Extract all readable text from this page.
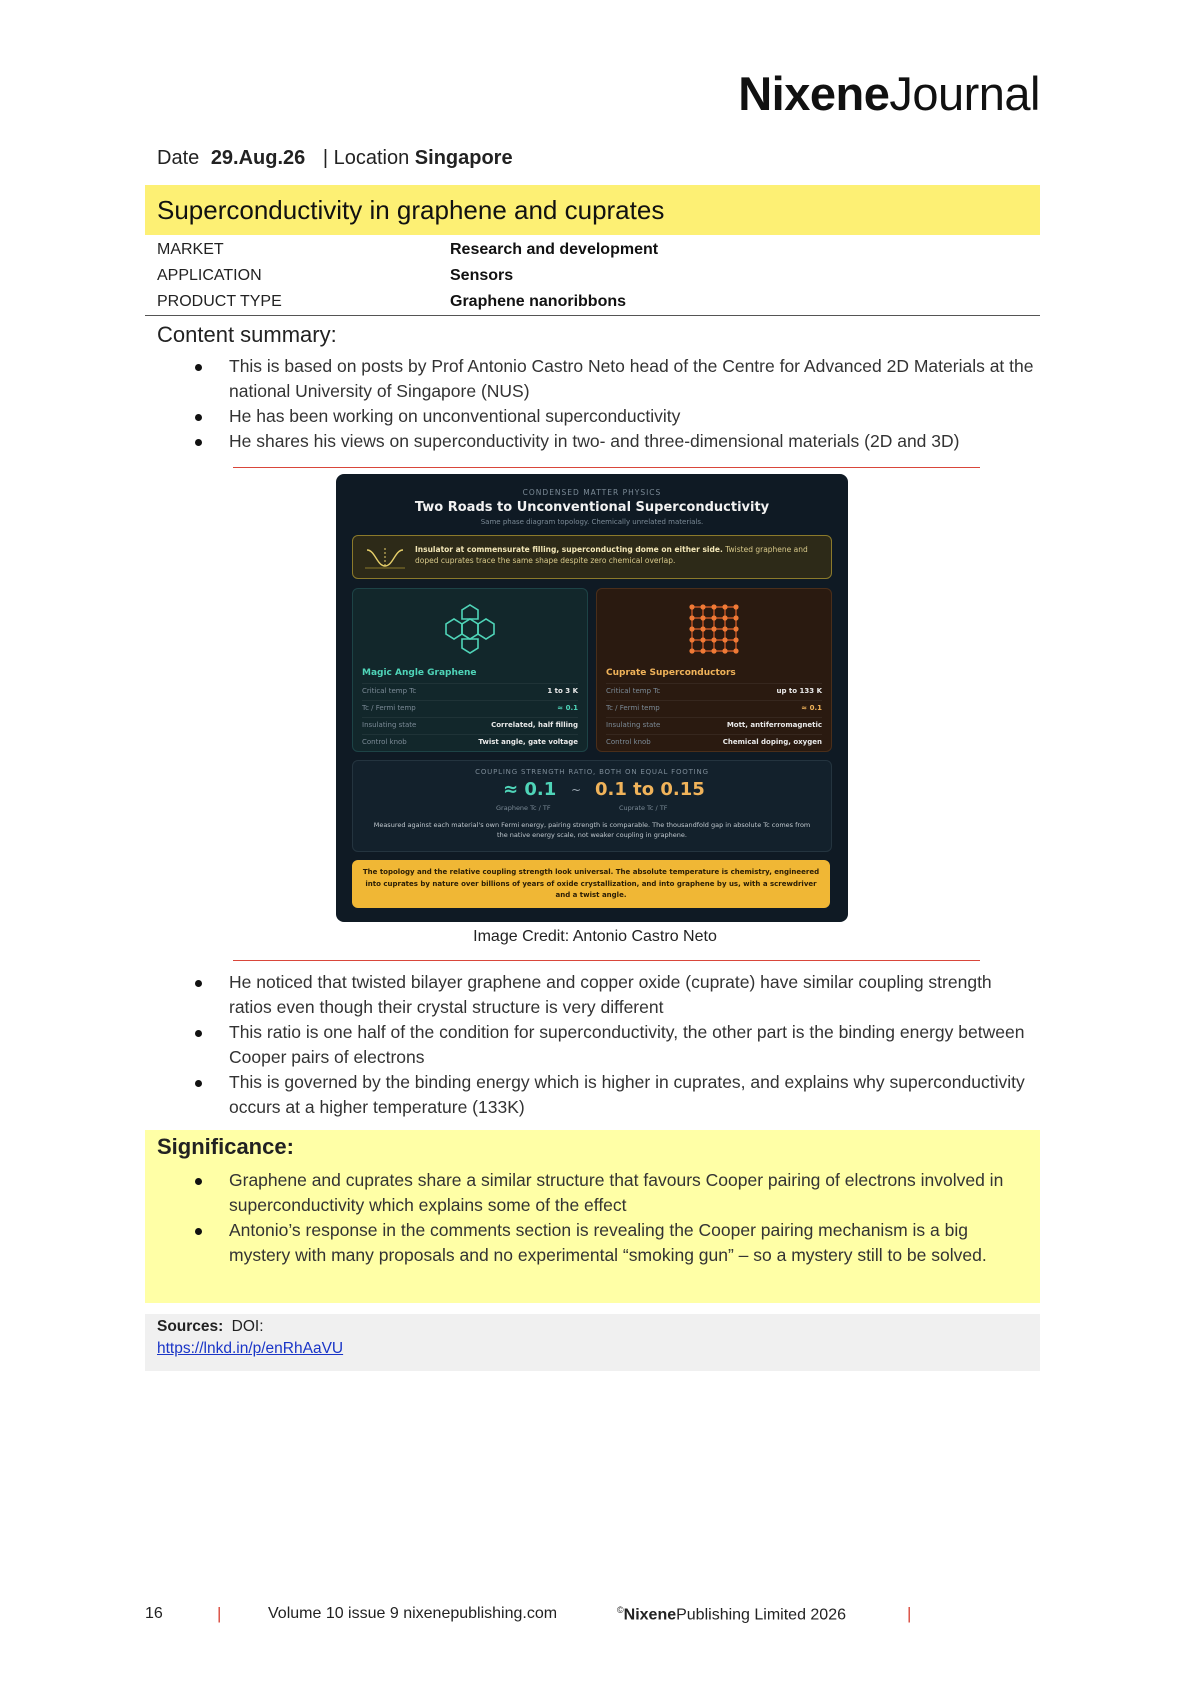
NixeneJournal
Date 29.Aug.26 | Location Singapore
Superconductivity in graphene and cuprates
MARKET	Research and development
APPLICATION	Sensors
PRODUCT TYPE	Graphene nanoribbons
Content summary:
This is based on posts by Prof Antonio Castro Neto head of the Centre for Advanced 2D Materials at the national University of Singapore (NUS)
He has been working on unconventional superconductivity
He shares his views on superconductivity in two- and three-dimensional materials (2D and 3D)
CONDENSED MATTER PHYSICS
Two Roads to Unconventional Superconductivity
Same phase diagram topology. Chemically unrelated materials.
Insulator at commensurate filling, superconducting dome on either side. Twisted graphene and doped cuprates trace the same shape despite zero chemical overlap.
Magic Angle Graphene
Critical temp Tc	1 to 3 K
Tc / Fermi temp	≈ 0.1
Insulating state	Correlated, half filling
Control knob	Twist angle, gate voltage
Cuprate Superconductors
Critical temp Tc	up to 133 K
Tc / Fermi temp	≈ 0.1
Insulating state	Mott, antiferromagnetic
Control knob	Chemical doping, oxygen
COUPLING STRENGTH RATIO, BOTH ON EQUAL FOOTING
≈ 0.1 ~ 0.1 to 0.15
Graphene Tc / TF	Cuprate Tc / TF
Measured against each material's own Fermi energy, pairing strength is comparable. The thousandfold gap in absolute Tc comes from the native energy scale, not weaker coupling in graphene.
The topology and the relative coupling strength look universal. The absolute temperature is chemistry, engineered into cuprates by nature over billions of years of oxide crystallization, and into graphene by us, with a screwdriver and a twist angle.
Image Credit: Antonio Castro Neto
He noticed that twisted bilayer graphene and copper oxide (cuprate) have similar coupling strength ratios even though their crystal structure is very different
This ratio is one half of the condition for superconductivity, the other part is the binding energy between Cooper pairs of electrons
This is governed by the binding energy which is higher in cuprates, and explains why superconductivity occurs at a higher temperature (133K)
Significance:
Graphene and cuprates share a similar structure that favours Cooper pairing of electrons involved in superconductivity which explains some of the effect
Antonio’s response in the comments section is revealing the Cooper pairing mechanism is a big mystery with many proposals and no experimental “smoking gun” – so a mystery still to be solved.
Sources: DOI:
https://lnkd.in/p/enRhAaVU
16	|	Volume 10 issue 9 nixenepublishing.com	©NixenePublishing Limited 2026	|
